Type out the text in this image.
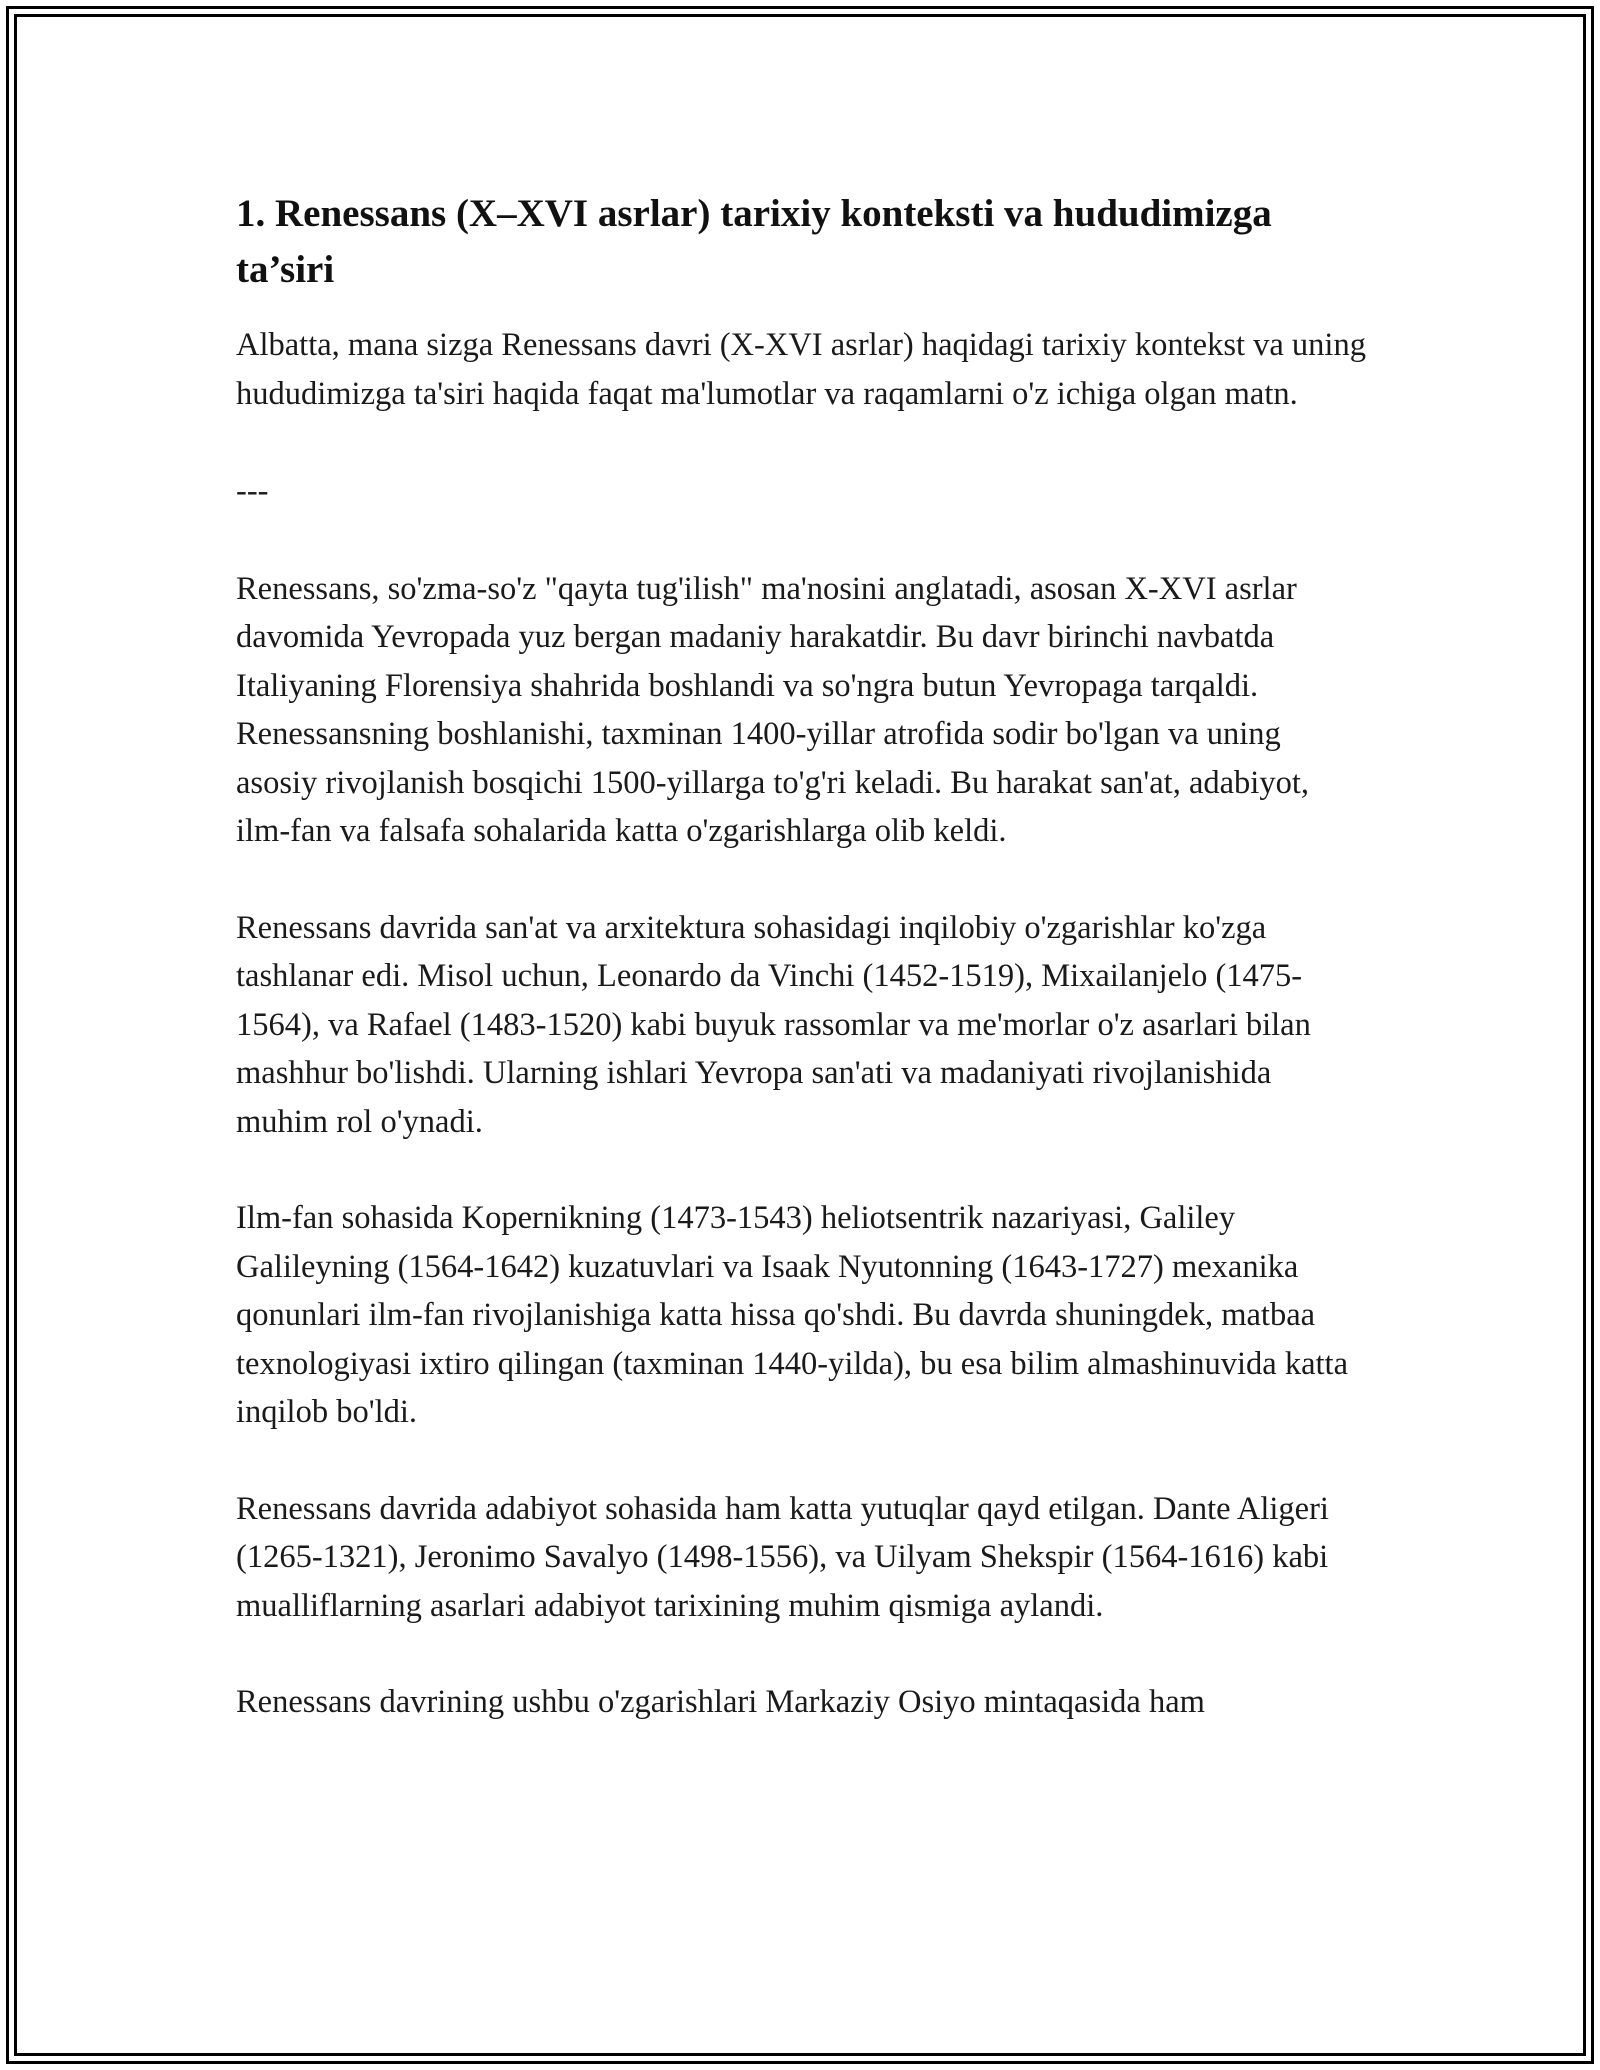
1. Renessans (X–XVI asrlar) tarixiy konteksti va hududimizga ta’siri

Albatta, mana sizga Renessans davri (X-XVI asrlar) haqidagi tarixiy kontekst va uning hududimizga ta'siri haqida faqat ma'lumotlar va raqamlarni o'z ichiga olgan matn.

---

Renessans, so'zma-so'z "qayta tug'ilish" ma'nosini anglatadi, asosan X-XVI asrlar davomida Yevropada yuz bergan madaniy harakatdir. Bu davr birinchi navbatda Italiyaning Florensiya shahrida boshlandi va so'ngra butun Yevropaga tarqaldi. Renessansning boshlanishi, taxminan 1400-yillar atrofida sodir bo'lgan va uning asosiy rivojlanish bosqichi 1500-yillarga to'g'ri keladi. Bu harakat san'at, adabiyot, ilm-fan va falsafa sohalarida katta o'zgarishlarga olib keldi.

Renessans davrida san'at va arxitektura sohasidagi inqilobiy o'zgarishlar ko'zga tashlanar edi. Misol uchun, Leonardo da Vinchi (1452-1519), Mixailanjelo (1475-1564), va Rafael (1483-1520) kabi buyuk rassomlar va me'morlar o'z asarlari bilan mashhur bo'lishdi. Ularning ishlari Yevropa san'ati va madaniyati rivojlanishida muhim rol o'ynadi.

Ilm-fan sohasida Kopernikning (1473-1543) heliotsentrik nazariyasi, Galiley Galileyning (1564-1642) kuzatuvlari va Isaak Nyutonning (1643-1727) mexanika qonunlari ilm-fan rivojlanishiga katta hissa qo'shdi. Bu davrda shuningdek, matbaa texnologiyasi ixtiro qilingan (taxminan 1440-yilda), bu esa bilim almashinuvida katta inqilob bo'ldi.

Renessans davrida adabiyot sohasida ham katta yutuqlar qayd etilgan. Dante Aligeri (1265-1321), Jeronimo Savalyo (1498-1556), va Uilyam Shekspir (1564-1616) kabi mualliflarning asarlari adabiyot tarixining muhim qismiga aylandi.

Renessans davrining ushbu o'zgarishlari Markaziy Osiyo mintaqasida ham
